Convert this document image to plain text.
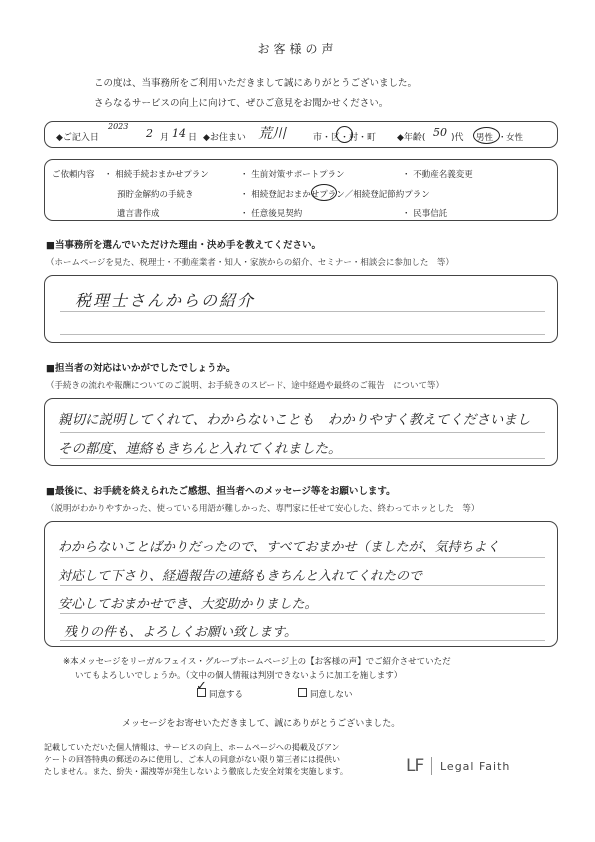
お客様の声
この度は、当事務所をご利用いただきまして誠にありがとうございました。
さらなるサービスの向上に向けて、ぜひご意見をお聞かせください。
◆ご記入日
2023
2 月 14 日 ◆お住まい 荒川	市・区・村・町 ◆年齢( 50 )代 男性 ・ 女性
ご依頼内容 ・ 相続手続おまかせプラン	・ 生前対策サポートプラン	・ 不動産名義変更
預貯金解約の手続き	・ 相続登記おまかせプラン／相続登記節約プラン
遺言書作成	・ 任意後見契約	・ 民事信託
■当事務所を選んでいただけた理由・決め手を教えてください。
（ホームページを見た、税理士・不動産業者・知人・家族からの紹介、セミナー・相談会に参加した　等）
税理士さんからの紹介
■担当者の対応はいかがでしたでしょうか。
（手続きの流れや報酬についてのご説明、お手続きのスピード、途中経過や最終のご報告　について等）
親切に説明してくれて、わからないことも　わかりやすく教えてくださいまし
その都度、連絡もきちんと入れてくれました。
■最後に、お手続を終えられたご感想、担当者へのメッセージ等をお願いします。
（説明がわかりやすかった、使っている用語が難しかった、専門家に任せて安心した、終わってホッとした　等）
わからないことばかりだったので、すべておまかせ（ましたが、気持ちよく
対応して下さり、経過報告の連絡もきちんと入れてくれたので
安心しておまかせでき、大変助かりました。
残りの件も、よろしくお願い致します。
※本メッセージをリーガルフェイス・グループホームページ上の【お客様の声】でご紹介させていただ
いてもよろしいでしょうか。（文中の個人情報は判別できないように加工を施します）
✓
同意する	同意しない
メッセージをお寄せいただきまして、誠にありがとうございました。
記載していただいた個人情報は、サービスの向上、ホームページへの掲載及びアン
ケートの回答特典の郵送のみに使用し、ご本人の同意がない限り第三者には提供い
たしません。また、紛失・漏洩等が発生しないよう徹底した安全対策を実施します。	LF Legal Faith
